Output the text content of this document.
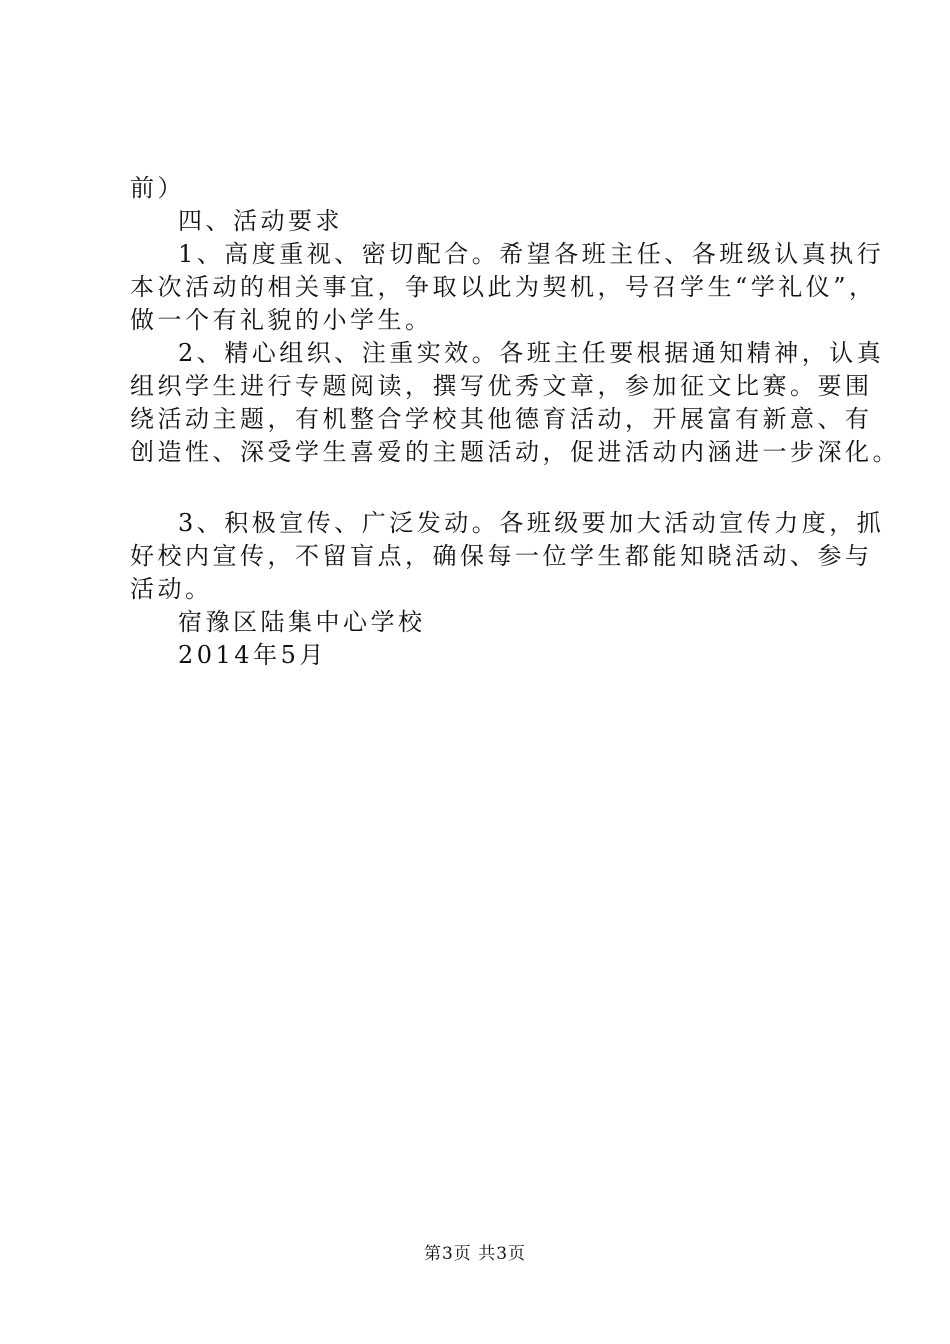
前）
四、活动要求
1、高度重视、密切配合。希望各班主任、各班级认真执行
本次活动的相关事宜，争取以此为契机，号召学生“学礼仪”，
做一个有礼貌的小学生。
2、精心组织、注重实效。各班主任要根据通知精神，认真
组织学生进行专题阅读，撰写优秀文章，参加征文比赛。要围
绕活动主题，有机整合学校其他德育活动，开展富有新意、有
创造性、深受学生喜爱的主题活动，促进活动内涵进一步深化。
3、积极宣传、广泛发动。各班级要加大活动宣传力度，抓
好校内宣传，不留盲点，确保每一位学生都能知晓活动、参与
活动。
宿豫区陆集中心学校
2014年5月
第3页 共3页
